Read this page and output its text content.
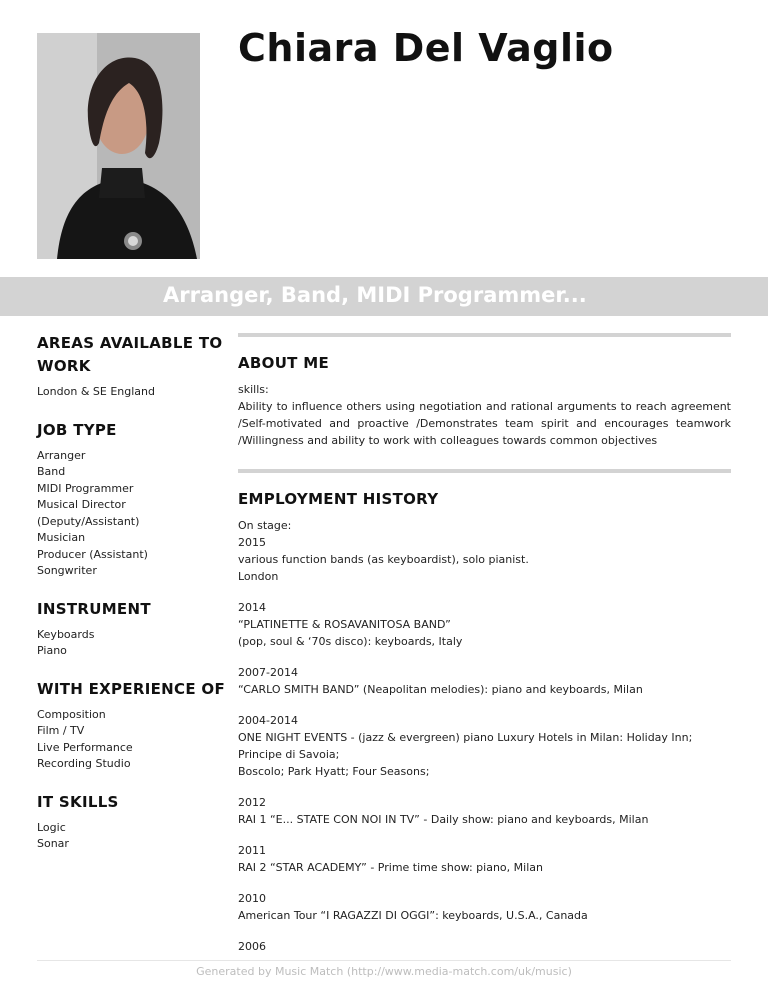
Chiara Del Vaglio

Arranger, Band, MIDI Programmer...

AREAS AVAILABLE TO WORK
London & SE England
JOB TYPE
Arranger
Band
MIDI Programmer
Musical Director (Deputy/Assistant)
Musician
Producer (Assistant)
Songwriter
INSTRUMENT
Keyboards
Piano
WITH EXPERIENCE OF
Composition
Film / TV
Live Performance
Recording Studio
IT SKILLS
Logic
Sonar
ABOUT ME

skills:
Ability to influence others using negotiation and rational arguments to reach agreement /Self-motivated and proactive /Demonstrates team spirit and encourages teamwork /Willingness and ability to work with colleagues towards common objectives

EMPLOYMENT HISTORY

On stage:

2015

various function bands (as keyboardist), solo pianist.

London

2014

“PLATINETTE & ROSAVANITOSA BAND”

(pop, soul & ‘70s disco): keyboards, Italy

2007-2014

“CARLO SMITH BAND” (Neapolitan melodies): piano and keyboards, Milan

2004-2014

ONE NIGHT EVENTS - (jazz & evergreen) piano Luxury Hotels in Milan: Holiday Inn;

Principe di Savoia;

Boscolo; Park Hyatt; Four Seasons;

2012

RAI 1 “E... STATE CON NOI IN TV” - Daily show: piano and keyboards, Milan

2011

RAI 2 “STAR ACADEMY” - Prime time show: piano, Milan

2010

American Tour “I RAGAZZI DI OGGI”: keyboards, U.S.A., Canada

2006

Generated by Music Match (http://www.media-match.com/uk/music)
